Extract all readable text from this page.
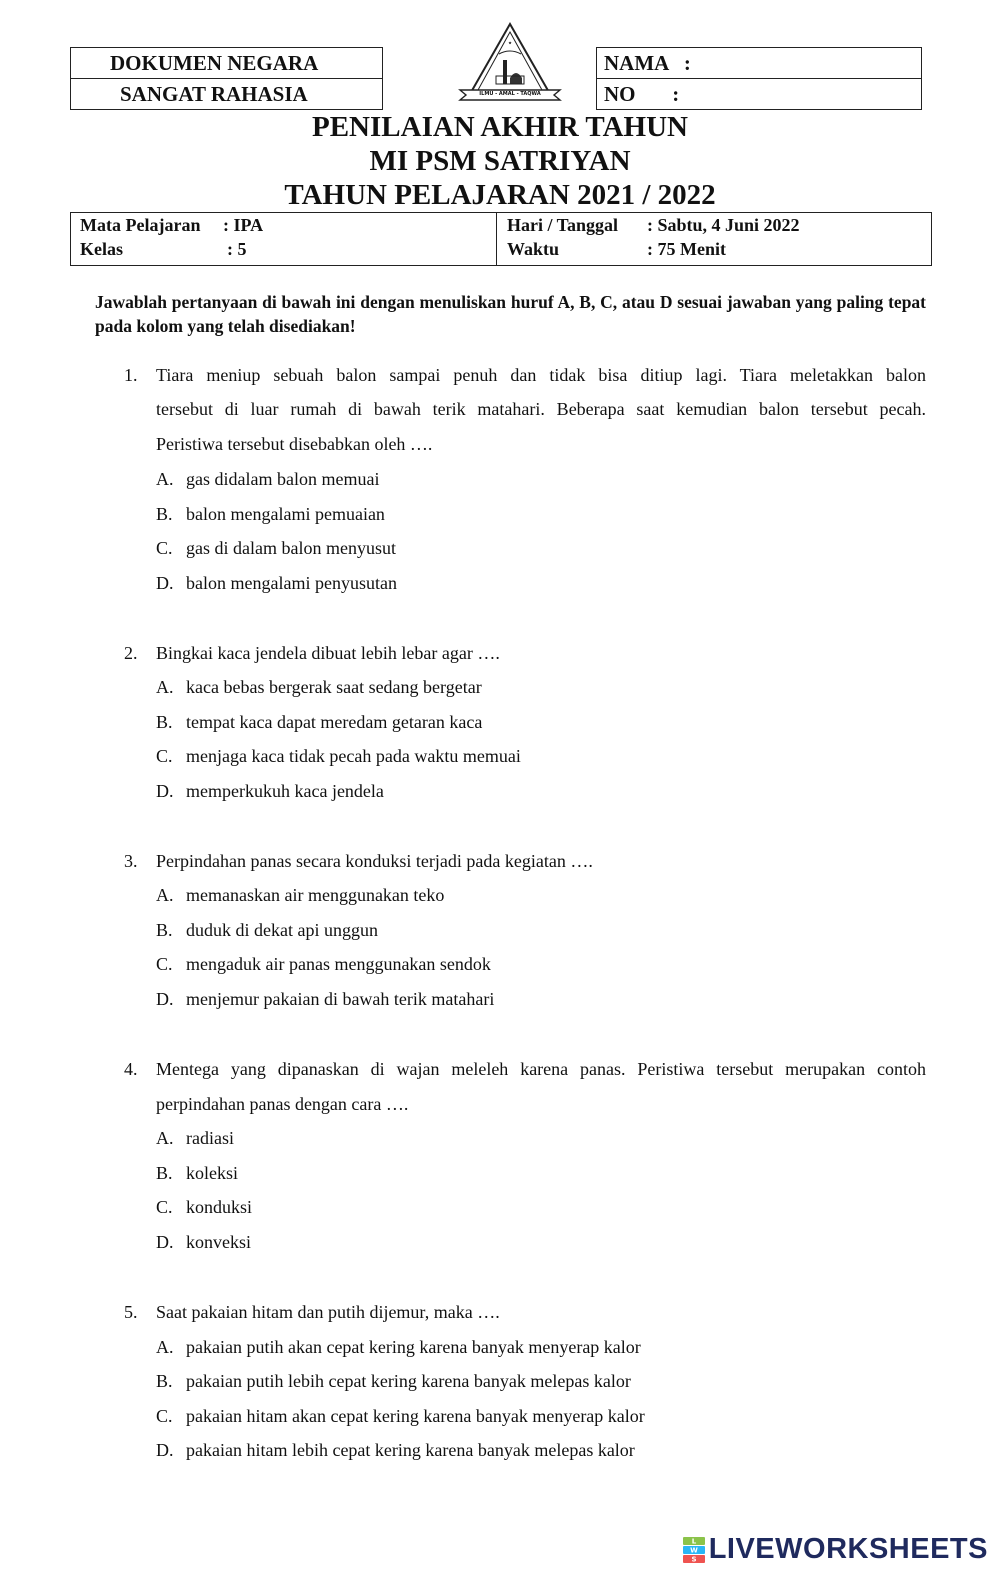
DOKUMEN NEGARA
SANGAT RAHASIA
NAMA   :
NO       :
٭
ILMU - AMAL - TAQWA
PENILAIAN AKHIR TAHUN
MI PSM SATRIYAN
TAHUN PELAJARAN 2021 / 2022
Mata Pelajaran : IPA
Kelas	: 5
Hari / Tanggal : Sabtu, 4 Juni 2022
Waktu	: 75 Menit
Jawablah pertanyaan di bawah ini dengan menuliskan huruf A, B, C, atau D sesuai jawaban yang paling tepat pada kolom yang telah disediakan!
1. Tiara meniup sebuah balon sampai penuh dan tidak bisa ditiup lagi. Tiara meletakkan balon
tersebut di luar rumah di bawah terik matahari. Beberapa saat kemudian balon tersebut pecah.
Peristiwa tersebut disebabkan oleh ….
A. gas didalam balon memuai
B. balon mengalami pemuaian
C. gas di dalam balon menyusut
D. balon mengalami penyusutan
2. Bingkai kaca jendela dibuat lebih lebar agar ….
A. kaca bebas bergerak saat sedang bergetar
B. tempat kaca dapat meredam getaran kaca
C. menjaga kaca tidak pecah pada waktu memuai
D. memperkukuh kaca jendela
3. Perpindahan panas secara konduksi terjadi pada kegiatan ….
A. memanaskan air menggunakan teko
B. duduk di dekat api unggun
C. mengaduk air panas menggunakan sendok
D. menjemur pakaian di bawah terik matahari
4. Mentega yang dipanaskan di wajan meleleh karena panas. Peristiwa tersebut merupakan contoh
perpindahan panas dengan cara ….
A. radiasi
B. koleksi
C. konduksi
D. konveksi
5. Saat pakaian hitam dan putih dijemur, maka ….
A. pakaian putih akan cepat kering karena banyak menyerap kalor
B. pakaian putih lebih cepat kering karena banyak melepas kalor
C. pakaian hitam akan cepat kering karena banyak menyerap kalor
D. pakaian hitam lebih cepat kering karena banyak melepas kalor
L
W
S LIVEWORKSHEETS
